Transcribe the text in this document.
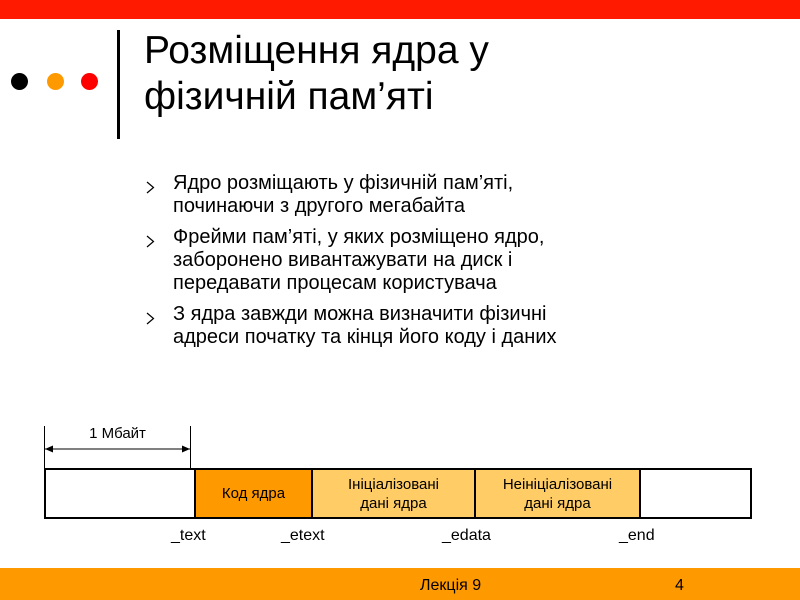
Розміщення ядра у
фізичній пам’яті
Ядро розміщають у фізичній пам’яті,
починаючи з другого мегабайта
Фрейми пам’яті, у яких розміщено ядро,
заборонено вивантажувати на диск і
передавати процесам користувача
З ядра завжди можна визначити фізичні
адреси початку та кінця його коду і даних
1 Мбайт
Код ядра
Ініціалізовані
дані ядра
Неініціалізовані
дані ядра
_text	_etext	_edata	_end
Лекція 9	4
